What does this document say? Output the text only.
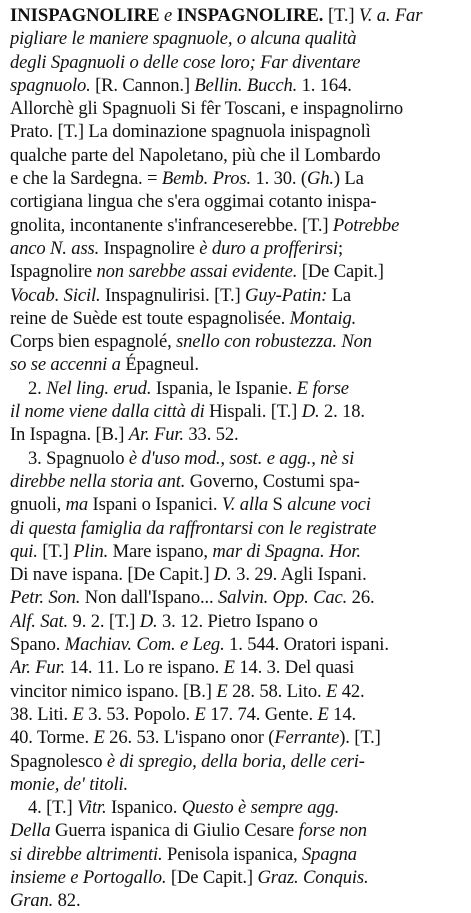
INISPAGNOLIRE e INSPAGNOLIRE. [T.] V. a. Far
pigliare le maniere spagnuole, o alcuna qualità
degli Spagnuoli o delle cose loro; Far diventare
spagnuolo. [R. Cannon.] Bellin. Bucch. 1. 164.
Allorchè gli Spagnuoli Si fêr Toscani, e inspagnolirno
Prato. [T.] La dominazione spagnuola inispagnolì
qualche parte del Napoletano, più che il Lombardo
e che la Sardegna. = Bemb. Pros. 1. 30. (Gh.) La
cortigiana lingua che s'era oggimai cotanto inispa-
gnolita, incontanente s'infranceserebbe. [T.] Potrebbe
anco N. ass. Inspagnolire è duro a profferirsi;
Ispagnolire non sarebbe assai evidente. [De Capit.]
Vocab. Sicil. Inspagnulirisi. [T.] Guy-Patin: La
reine de Suède est toute espagnolisée. Montaig.
Corps bien espagnolé, snello con robustezza. Non
so se accenni a Épagneul.
2. Nel ling. erud. Ispania, le Ispanie. E forse
il nome viene dalla città di Hispali. [T.] D. 2. 18.
In Ispagna. [B.] Ar. Fur. 33. 52.
3. Spagnuolo è d'uso mod., sost. e agg., nè si
direbbe nella storia ant. Governo, Costumi spa-
gnuoli, ma Ispani o Ispanici. V. alla S alcune voci
di questa famiglia da raffrontarsi con le registrate
qui. [T.] Plin. Mare ispano, mar di Spagna. Hor.
Di nave ispana. [De Capit.] D. 3. 29. Agli Ispani.
Petr. Son. Non dall'Ispano... Salvin. Opp. Cac. 26.
Alf. Sat. 9. 2. [T.] D. 3. 12. Pietro Ispano o
Spano. Machiav. Com. e Leg. 1. 544. Oratori ispani.
Ar. Fur. 14. 11. Lo re ispano. E 14. 3. Del quasi
vincitor nimico ispano. [B.] E 28. 58. Lito. E 42.
38. Liti. E 3. 53. Popolo. E 17. 74. Gente. E 14.
40. Torme. E 26. 53. L'ispano onor (Ferrante). [T.]
Spagnolesco è di spregio, della boria, delle ceri-
monie, de' titoli.
4. [T.] Vitr. Ispanico. Questo è sempre agg.
Della Guerra ispanica di Giulio Cesare forse non
si direbbe altrimenti. Penisola ispanica, Spagna
insieme e Portogallo. [De Capit.] Graz. Conquis.
Gran. 82.
